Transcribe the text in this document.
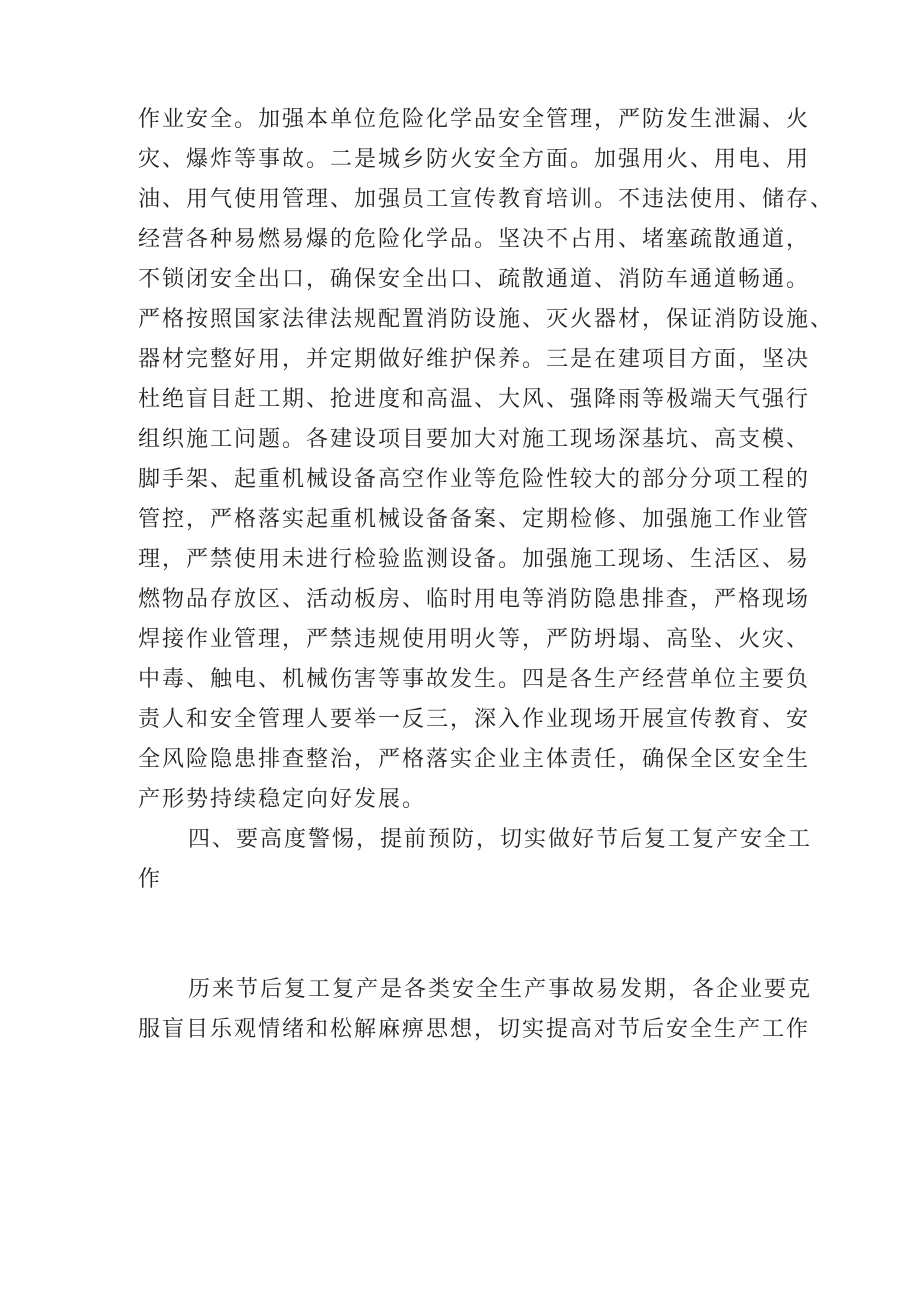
作业安全。加强本单位危险化学品安全管理，严防发生泄漏、火
灾、爆炸等事故。二是城乡防火安全方面。加强用火、用电、用
油、用气使用管理、加强员工宣传教育培训。不违法使用、储存、
经营各种易燃易爆的危险化学品。坚决不占用、堵塞疏散通道，
不锁闭安全出口，确保安全出口、疏散通道、消防车通道畅通。
严格按照国家法律法规配置消防设施、灭火器材，保证消防设施、
器材完整好用，并定期做好维护保养。三是在建项目方面，坚决
杜绝盲目赶工期、抢进度和高温、大风、强降雨等极端天气强行
组织施工问题。各建设项目要加大对施工现场深基坑、高支模、
脚手架、起重机械设备高空作业等危险性较大的部分分项工程的
管控，严格落实起重机械设备备案、定期检修、加强施工作业管
理，严禁使用未进行检验监测设备。加强施工现场、生活区、易
燃物品存放区、活动板房、临时用电等消防隐患排查，严格现场
焊接作业管理，严禁违规使用明火等，严防坍塌、高坠、火灾、
中毒、触电、机械伤害等事故发生。四是各生产经营单位主要负
责人和安全管理人要举一反三，深入作业现场开展宣传教育、安
全风险隐患排查整治，严格落实企业主体责任，确保全区安全生
产形势持续稳定向好发展。
四、要高度警惕，提前预防，切实做好节后复工复产安全工
作
历来节后复工复产是各类安全生产事故易发期，各企业要克
服盲目乐观情绪和松解麻痹思想，切实提高对节后安全生产工作
